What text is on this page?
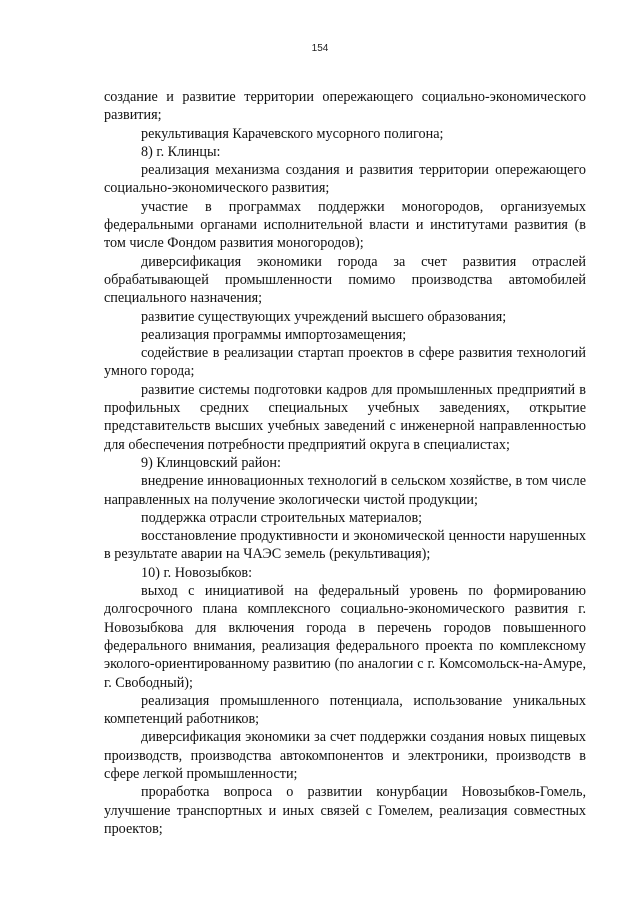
154

создание и развитие территории опережающего социально-экономического развития;

рекультивация Карачевского мусорного полигона;

8) г. Клинцы:

реализация механизма создания и развития территории опережающего социально-экономического развития;

участие в программах поддержки моногородов, организуемых федеральными органами исполнительной власти и институтами развития (в том числе Фондом развития моногородов);

диверсификация экономики города за счет развития отраслей обрабатывающей промышленности помимо производства автомобилей специального назначения;

развитие существующих учреждений высшего образования;

реализация программы импортозамещения;

содействие в реализации стартап проектов в сфере развития технологий умного города;

развитие системы подготовки кадров для промышленных предприятий в профильных средних специальных учебных заведениях, открытие представительств высших учебных заведений с инженерной направленностью для обеспечения потребности предприятий округа в специалистах;

9) Клинцовский район:

внедрение инновационных технологий в сельском хозяйстве, в том числе направленных на получение экологически чистой продукции;

поддержка отрасли строительных материалов;

восстановление продуктивности и экономической ценности нарушенных в результате аварии на ЧАЭС земель (рекультивация);

10) г. Новозыбков:

выход с инициативой на федеральный уровень по формированию долгосрочного плана комплексного социально-экономического развития г. Новозыбкова для включения города в перечень городов повышенного федерального внимания, реализация федерального проекта по комплексному эколого-ориентированному развитию (по аналогии с г. Комсомольск-на-Амуре, г. Свободный);

реализация промышленного потенциала, использование уникальных компетенций работников;

диверсификация экономики за счет поддержки создания новых пищевых производств, производства автокомпонентов и электроники, производств в сфере легкой промышленности;

проработка вопроса о развитии конурбации Новозыбков-Гомель, улучшение транспортных и иных связей с Гомелем, реализация совместных проектов;
